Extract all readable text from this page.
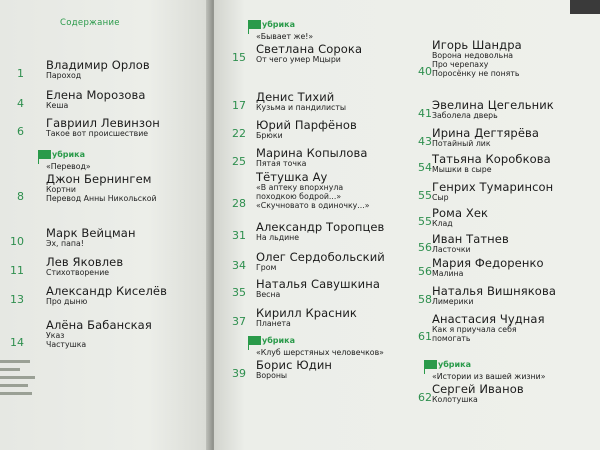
Содержание
Владимир Орлов
Пароход
1
Елена Морозова
Кеша
4
Гавриил Левинзон
Такое вот происшествие
6
убрика
«Перевод»
Джон Бернингем
Кортни
Перевод Анны Никольской
8
Марк Вейцман
Эх, папа!
10
Лев Яковлев
Стихотворение
11
Александр Киселёв
Про дыню
13
Алёна Бабанская
Указ
Частушка
14
убрика
«Бывает же!»
Светлана Сорока
От чего умер Мцыри
15
Денис Тихий
Кузьма и пандилисты
17
Юрий Парфёнов
Брюки
22
Марина Копылова
Пятая точка
25
Тётушка Ау
«В аптеку впорхнула
походкою бодрой...»
«Скучновато в одиночку...»
28
Александр Торопцев
На льдине
31
Олег Сердобольский
Гром
34
Наталья Савушкина
Весна
35
Кирилл Красник
Планета
37
убрика
«Клуб шерстяных человечков»
Борис Юдин
Вороны
39
Игорь Шандра
Ворона недовольна
Про черепаху
Поросёнку не понять
40
Эвелина Цегельник
Заболела дверь
41
Ирина Дегтярёва
Потайный лик
43
Татьяна Коробкова
Мышки в сыре
54
Генрих Тумаринсон
Сыр
55
Рома Хек
Клад
55
Иван Татнев
Ласточки
56
Мария Федоренко
Малина
56
Наталья Вишнякова
Лимерики
58
Анастасия Чудная
Как я приучала себя
помогать
61
убрика
«Истории из вашей жизни»
Сергей Иванов
Колотушка
62
